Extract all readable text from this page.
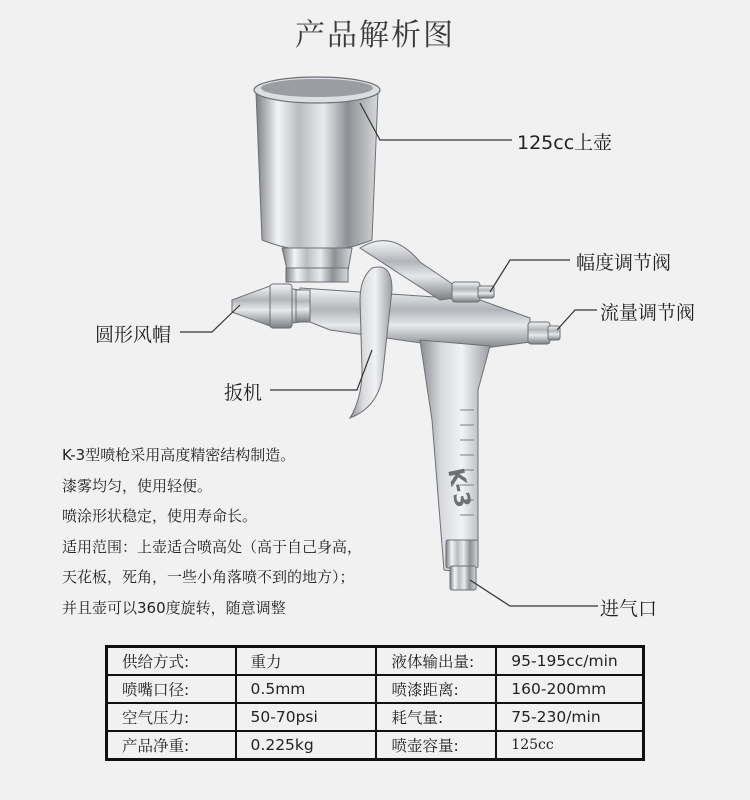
产品解析图
K-3
125cc上壶
幅度调节阀
流量调节阀
圆形风帽
扳机
进气口
K-3型喷枪采用高度精密结构制造。
漆雾均匀，使用轻便。
喷涂形状稳定，使用寿命长。
适用范围：上壶适合喷高处（高于自己身高，
天花板，死角，一些小角落喷不到的地方）；
并且壶可以360度旋转，随意调整
供给方式:	重力	液体输出量:	95-195cc/min
喷嘴口径:	0.5mm	喷漆距离:	160-200mm
空气压力:	50-70psi	耗气量:	75-230/min
产品净重:	0.225kg	喷壶容量:	125cc
